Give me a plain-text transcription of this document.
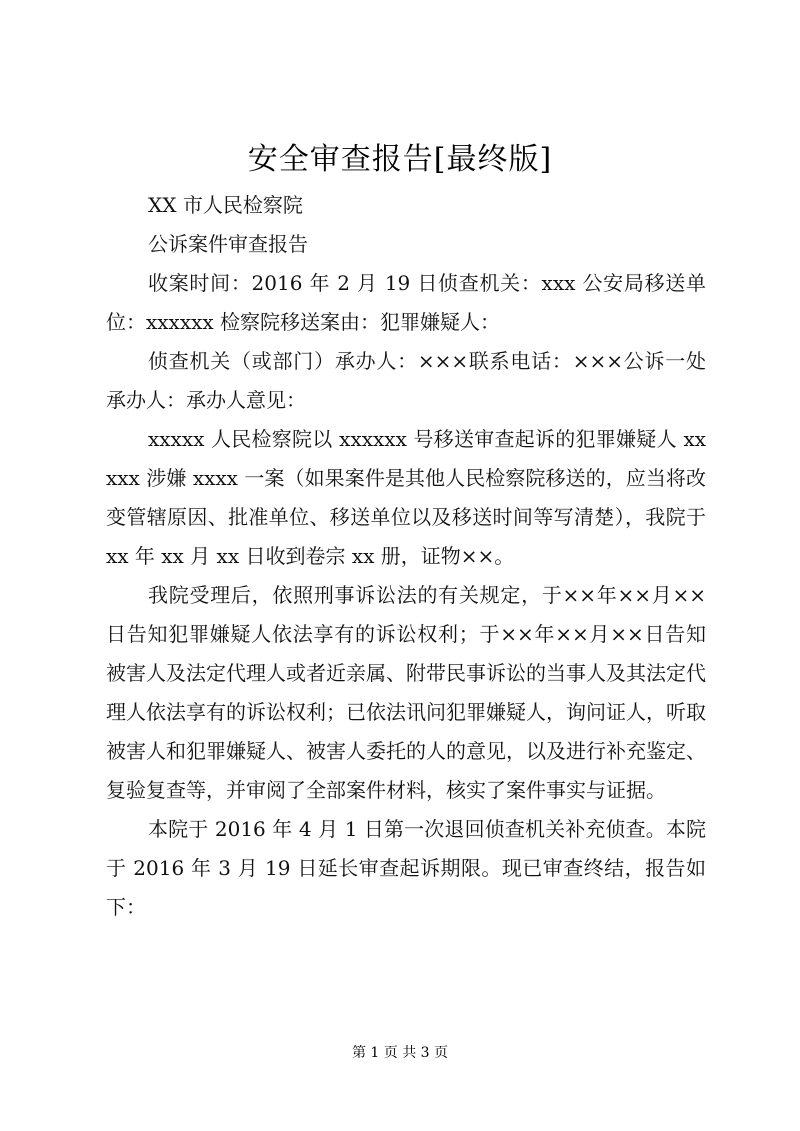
安全审查报告[最终版]

XX 市人民检察院

公诉案件审查报告

收案时间：2016 年 2 月 19 日侦查机关：xxx 公安局移送单位：xxxxxx 检察院移送案由：犯罪嫌疑人：

侦查机关（或部门）承办人：×××联系电话：×××公诉一处承办人：承办人意见：

xxxxx 人民检察院以 xxxxxx 号移送审查起诉的犯罪嫌疑人 xxxxx 涉嫌 xxxx 一案（如果案件是其他人民检察院移送的，应当将改变管辖原因、批准单位、移送单位以及移送时间等写清楚），我院于 xx 年 xx 月 xx 日收到卷宗 xx 册，证物××。

我院受理后，依照刑事诉讼法的有关规定，于××年××月××日告知犯罪嫌疑人依法享有的诉讼权利；于××年××月××日告知被害人及法定代理人或者近亲属、附带民事诉讼的当事人及其法定代理人依法享有的诉讼权利；已依法讯问犯罪嫌疑人，询问证人，听取被害人和犯罪嫌疑人、被害人委托的人的意见，以及进行补充鉴定、复验复查等，并审阅了全部案件材料，核实了案件事实与证据。

本院于 2016 年 4 月 1 日第一次退回侦查机关补充侦查。本院于 2016 年 3 月 19 日延长审查起诉期限。现已审查终结，报告如下：

第 1 页 共 3 页
